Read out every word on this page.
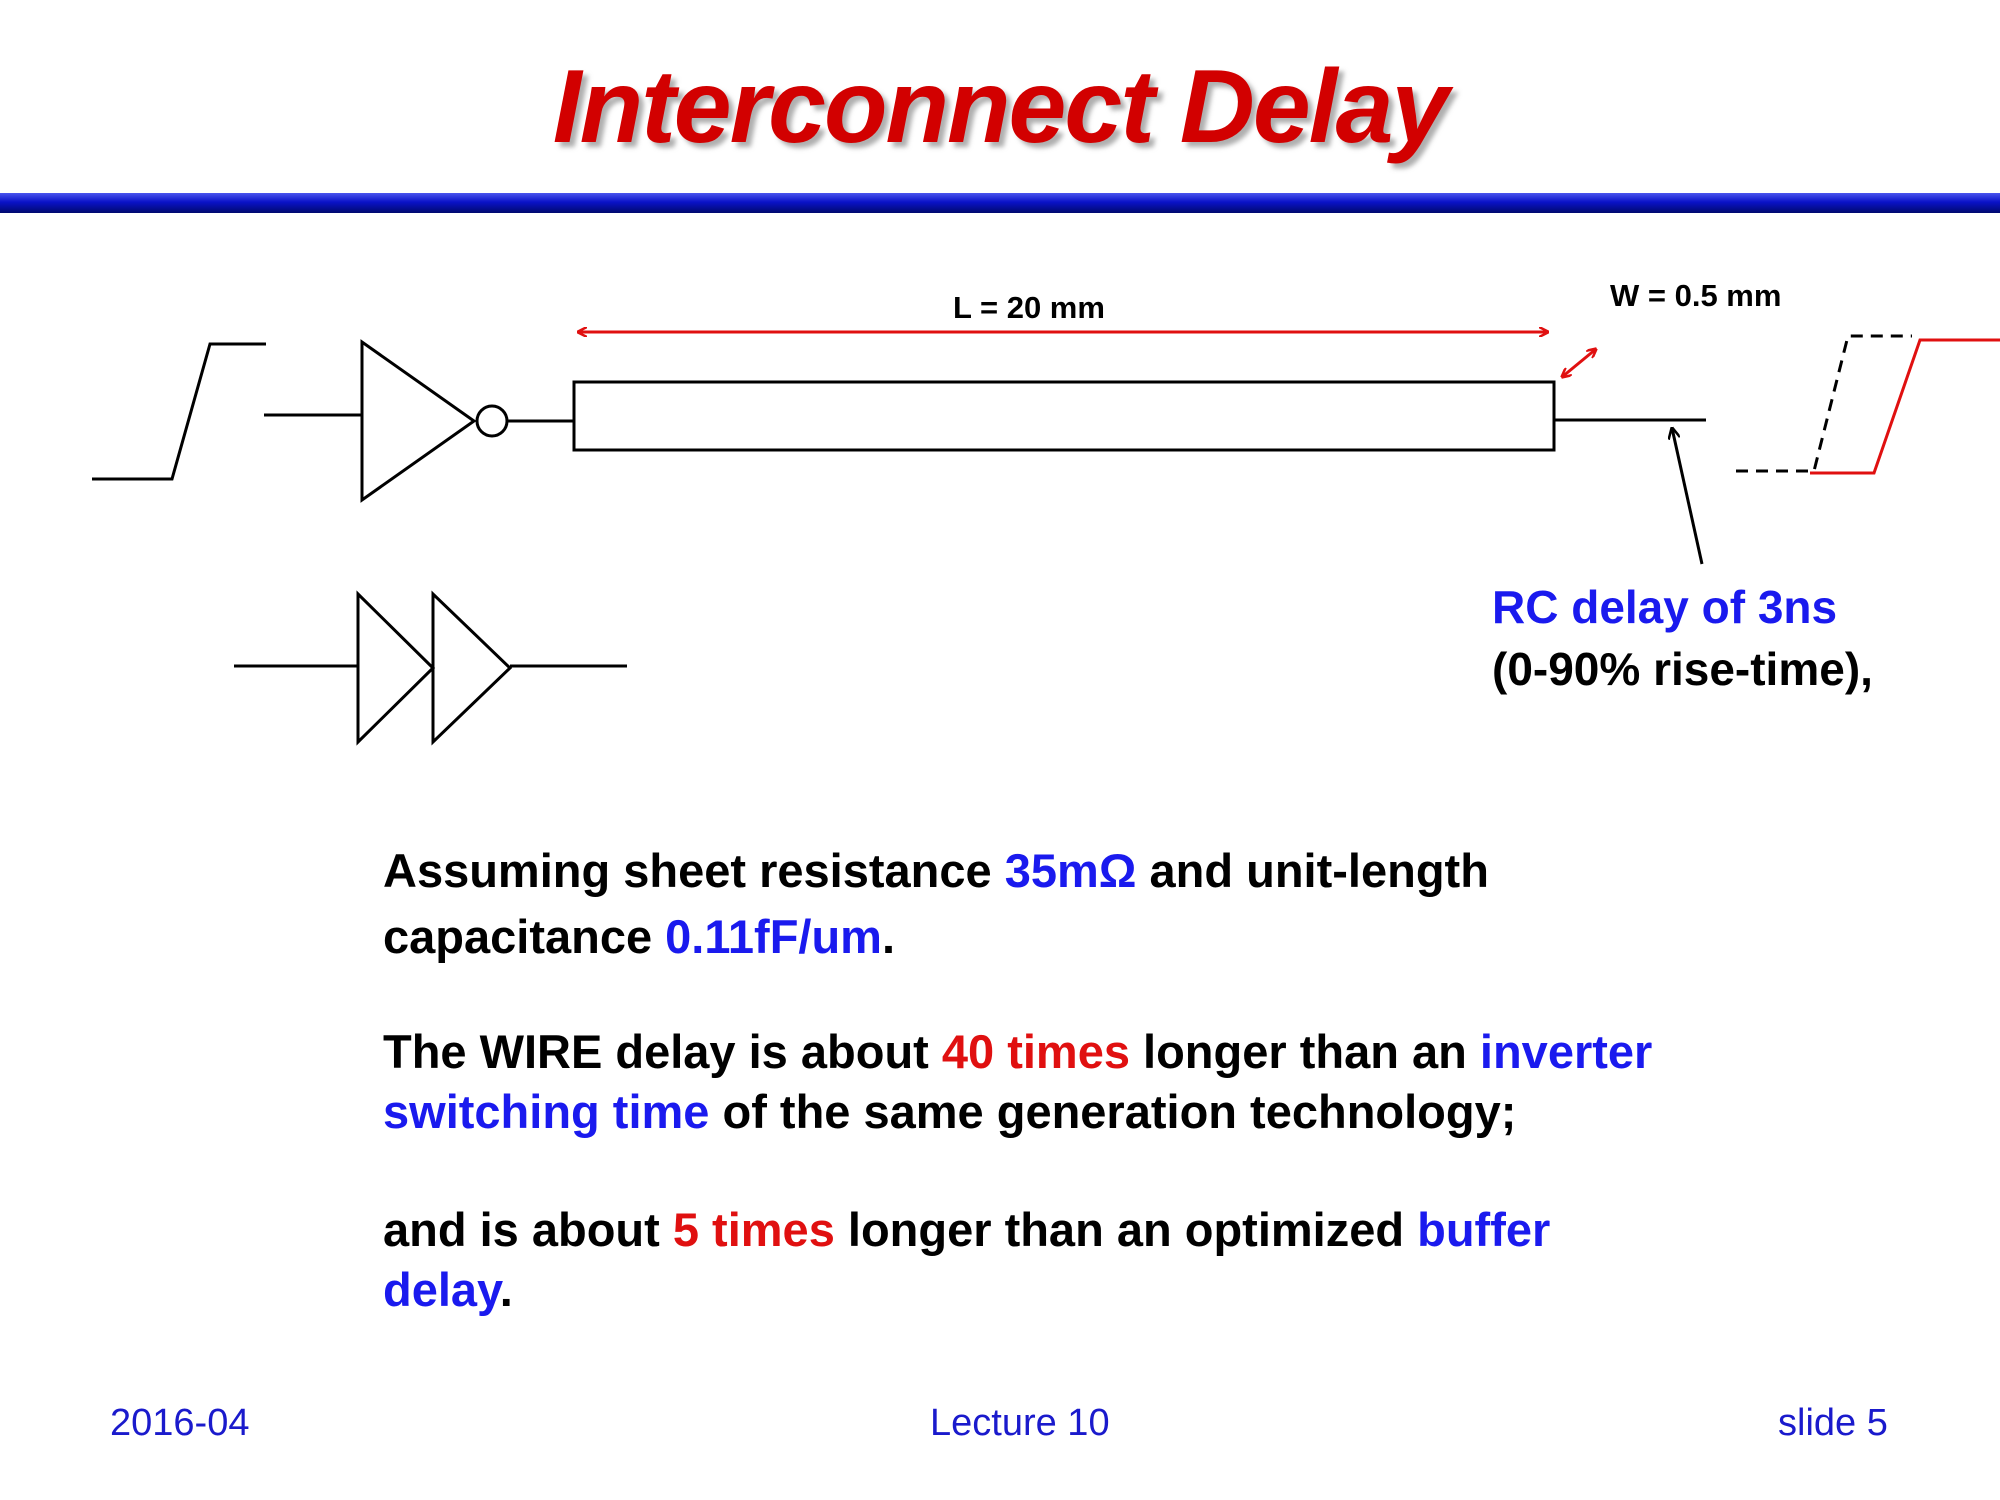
Interconnect Delay
L = 20 mm	W = 0.5 mm
RC delay of 3ns
(0-90% rise-time),

Assuming sheet resistance 35mΩ and unit-length capacitance 0.11fF/um.

The WIRE delay is about 40 times longer than an inverter switching time of the same generation technology;

and is about 5 times longer than an optimized buffer delay.

2016-04	Lecture 10	slide 5
